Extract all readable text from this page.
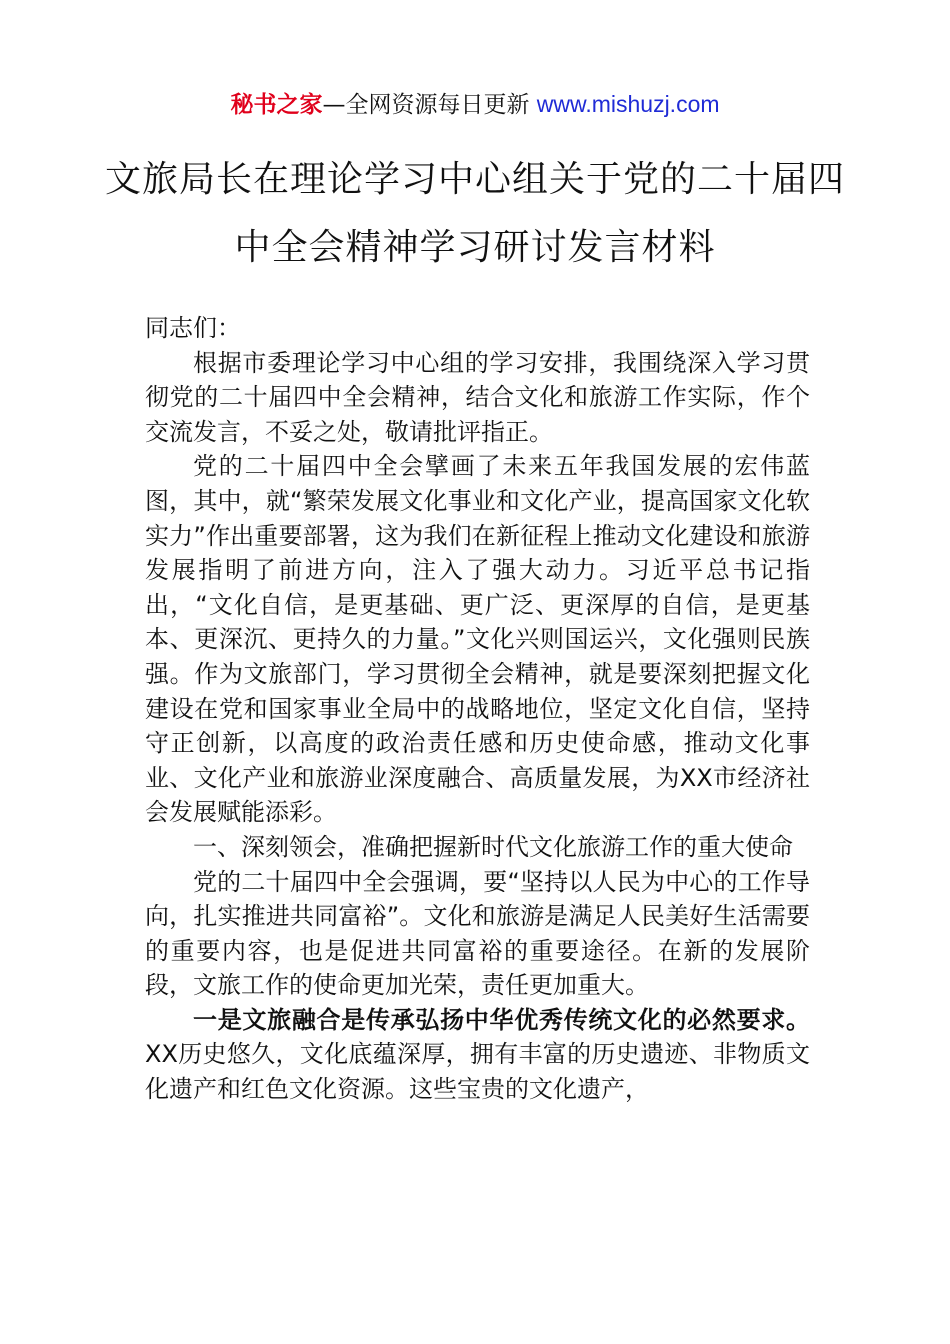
秘书之家—全网资源每日更新 www.mishuzj.com
文旅局长在理论学习中心组关于党的二十届四中全会精神学习研讨发言材料

同志们：

根据市委理论学习中心组的学习安排，我围绕深入学习贯彻党的二十届四中全会精神，结合文化和旅游工作实际，作个交流发言，不妥之处，敬请批评指正。

党的二十届四中全会擘画了未来五年我国发展的宏伟蓝图，其中，就“繁荣发展文化事业和文化产业，提高国家文化软实力”作出重要部署，这为我们在新征程上推动文化建设和旅游发展指明了前进方向，注入了强大动力。习近平总书记指出，“文化自信，是更基础、更广泛、更深厚的自信，是更基本、更深沉、更持久的力量。”文化兴则国运兴，文化强则民族强。作为文旅部门，学习贯彻全会精神，就是要深刻把握文化建设在党和国家事业全局中的战略地位，坚定文化自信，坚持守正创新，以高度的政治责任感和历史使命感，推动文化事业、文化产业和旅游业深度融合、高质量发展，为XX市经济社会发展赋能添彩。

一、深刻领会，准确把握新时代文化旅游工作的重大使命

党的二十届四中全会强调，要“坚持以人民为中心的工作导向，扎实推进共同富裕”。文化和旅游是满足人民美好生活需要的重要内容，也是促进共同富裕的重要途径。在新的发展阶段，文旅工作的使命更加光荣，责任更加重大。

一是文旅融合是传承弘扬中华优秀传统文化的必然要求。XX历史悠久，文化底蕴深厚，拥有丰富的历史遗迹、非物质文化遗产和红色文化资源。这些宝贵的文化遗产，
